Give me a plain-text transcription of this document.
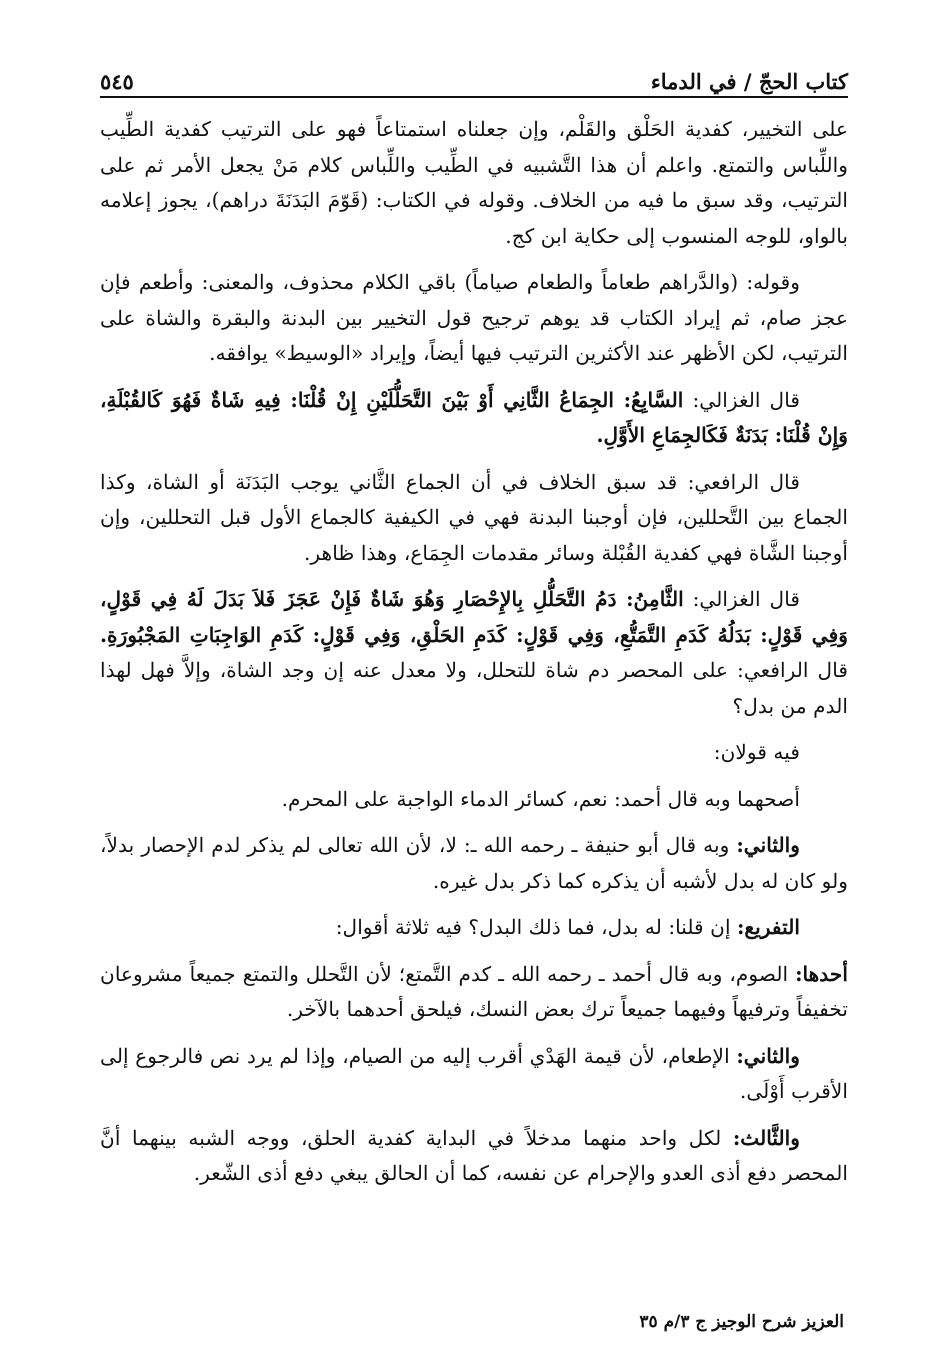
كتاب الحجّ / في الدماء
٥٤٥

على التخيير، كفدية الحَلْق والقَلْم، وإن جعلناه استمتاعاً فهو على الترتيب كفدية الطِّيب واللِّباس والتمتع. واعلم أن هذا التَّشبيه في الطِّيب واللِّباس كلام مَنْ يجعل الأمر ثم على الترتيب، وقد سبق ما فيه من الخلاف. وقوله في الكتاب: (قَوّمَ البَدَنَةَ دراهم)، يجوز إعلامه بالواو، للوجه المنسوب إلى حكاية ابن كج.

وقوله: (والدَّراهم طعاماً والطعام صياماً) باقي الكلام محذوف، والمعنى: وأطعم فإن عجز صام، ثم إيراد الكتاب قد يوهم ترجيح قول التخيير بين البدنة والبقرة والشاة على الترتيب، لكن الأظهر عند الأكثرين الترتيب فيها أيضاً، وإيراد «الوسيط» يوافقه.

قال الغزالي: السَّابِعُ: الجِمَاعُ الثَّانِي أَوْ بَيْنَ التَّحَلُّلَيْنِ إِنْ قُلْنَا: فِيهِ شَاةٌ فَهُوَ كَالقُبْلَةِ، وَإِنْ قُلْنَا: بَدَنَةٌ فَكَالجِمَاعِ الأَوَّلِ.

قال الرافعي: قد سبق الخلاف في أن الجماع الثَّاني يوجب البَدَنَة أو الشاة، وكذا الجماع بين التَّحللين، فإن أوجبنا البدنة فهي في الكيفية كالجماع الأول قبل التحللين، وإن أوجبنا الشَّاة فهي كفدية القُبْلة وسائر مقدمات الجِمَاع، وهذا ظاهر.

قال الغزالي: الثَّامِنُ: دَمُ التَّحَلُّلِ بِالإِحْصَارِ وَهُوَ شَاةٌ فَإِنْ عَجَزَ فَلاَ بَدَلَ لَهُ فِي قَوْلٍ، وَفِي قَوْلٍ: بَدَلُهُ كَدَمِ التَّمَتُّعِ، وَفِي قَوْلٍ: كَدَمِ الحَلْقِ، وَفِي قَوْلٍ: كَدَمِ الوَاجِبَاتِ المَجْبُورَةِ. قال الرافعي: على المحصر دم شاة للتحلل، ولا معدل عنه إن وجد الشاة، وإلاَّ فهل لهذا الدم من بدل؟

فيه قولان:

أصحهما وبه قال أحمد: نعم، كسائر الدماء الواجبة على المحرم.

والثاني: وبه قال أبو حنيفة ـ رحمه الله ـ: لا، لأن الله تعالى لم يذكر لدم الإحصار بدلاً، ولو كان له بدل لأشبه أن يذكره كما ذكر بدل غيره.

التفريع: إن قلنا: له بدل، فما ذلك البدل؟ فيه ثلاثة أقوال:

أحدها: الصوم، وبه قال أحمد ـ رحمه الله ـ كدم التَّمتع؛ لأن التَّحلل والتمتع جميعاً مشروعان تخفيفاً وترفيهاً وفيهما جميعاً ترك بعض النسك، فيلحق أحدهما بالآخر.

والثاني: الإطعام، لأن قيمة الهَدْي أقرب إليه من الصيام، وإذا لم يرد نص فالرجوع إلى الأقرب أَوْلَى.

والثَّالث: لكل واحد منهما مدخلاً في البداية كفدية الحلق، ووجه الشبه بينهما أنَّ المحصر دفع أذى العدو والإحرام عن نفسه، كما أن الحالق يبغي دفع أذى الشّعر.

العزيز شرح الوجيز ج ٣/م ٣٥
